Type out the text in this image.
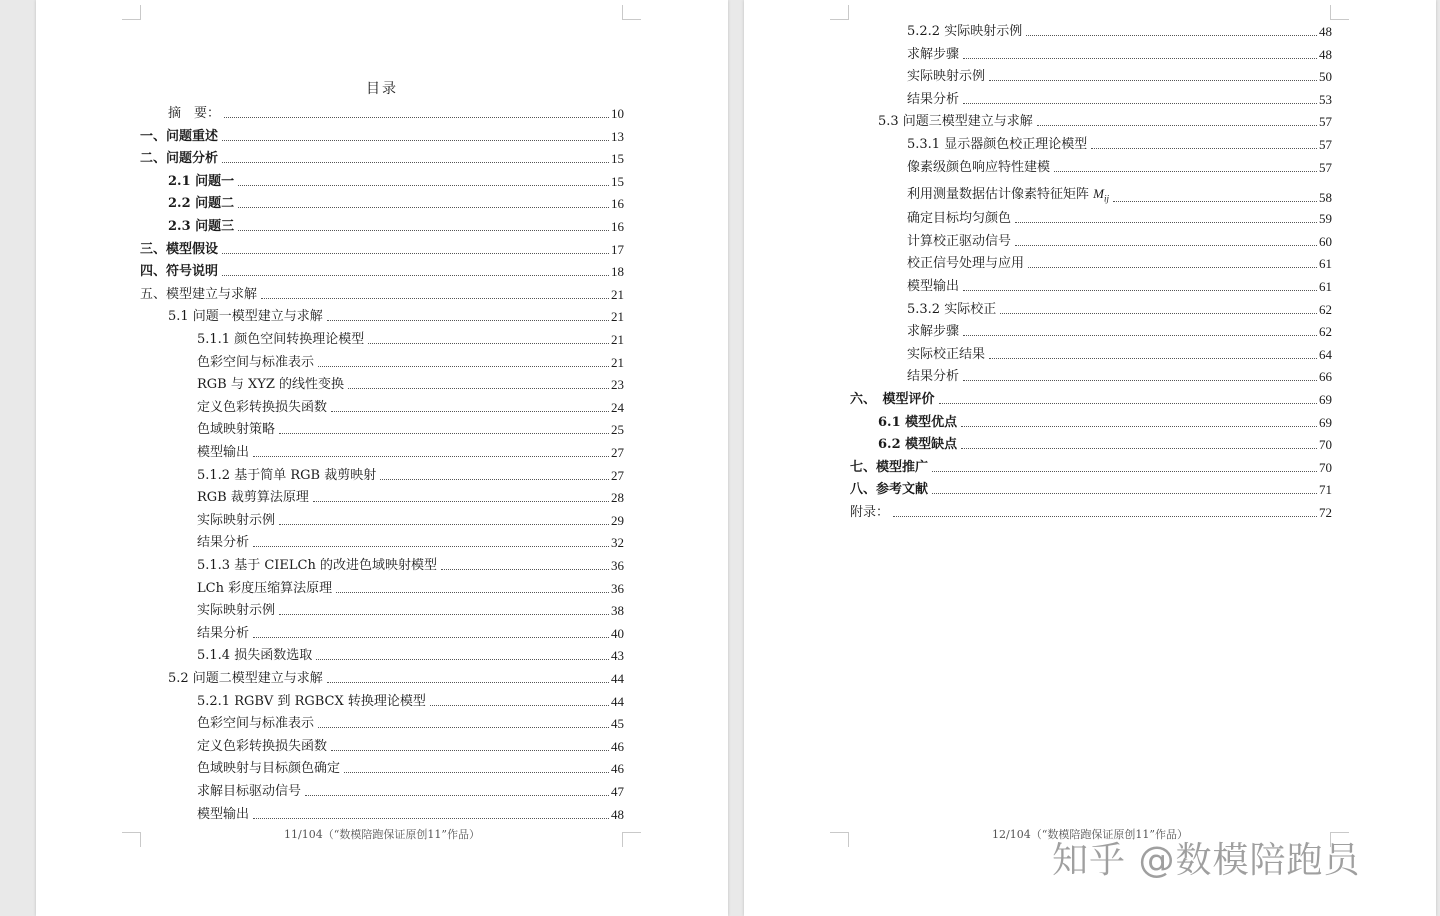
目录
摘　要：	10
一、问题重述	13
二、问题分析	15
2.1 问题一	15
2.2 问题二	16
2.3 问题三	16
三、模型假设	17
四、符号说明	18
五、模型建立与求解	21
5.1 问题一模型建立与求解	21
5.1.1 颜色空间转换理论模型	21
色彩空间与标准表示	21
RGB 与 XYZ 的线性变换	23
定义色彩转换损失函数	24
色域映射策略	25
模型输出	27
5.1.2 基于简单 RGB 裁剪映射	27
RGB 裁剪算法原理	28
实际映射示例	29
结果分析	32
5.1.3 基于 CIELCh 的改进色域映射模型	36
LCh 彩度压缩算法原理	36
实际映射示例	38
结果分析	40
5.1.4 损失函数选取	43
5.2 问题二模型建立与求解	44
5.2.1 RGBV 到 RGBCX 转换理论模型	44
色彩空间与标准表示	45
定义色彩转换损失函数	46
色域映射与目标颜色确定	46
求解目标驱动信号	47
模型输出	48
11/104（“数模陪跑保证原创11”作品）
5.2.2 实际映射示例	48
求解步骤	48
实际映射示例	50
结果分析	53
5.3 问题三模型建立与求解	57
5.3.1 显示器颜色校正理论模型	57
像素级颜色响应特性建模	57
利用测量数据估计像素特征矩阵 $M_{ij}$	58
确定目标均匀颜色	59
计算校正驱动信号	60
校正信号处理与应用	61
模型输出	61
5.3.2 实际校正	62
求解步骤	62
实际校正结果	64
结果分析	66
六、　模型评价	69
6.1 模型优点	69
6.2 模型缺点	70
七、模型推广	70
八、参考文献	71
附录：	72
12/104（“数模陪跑保证原创11”作品）
知乎 @数模陪跑员
